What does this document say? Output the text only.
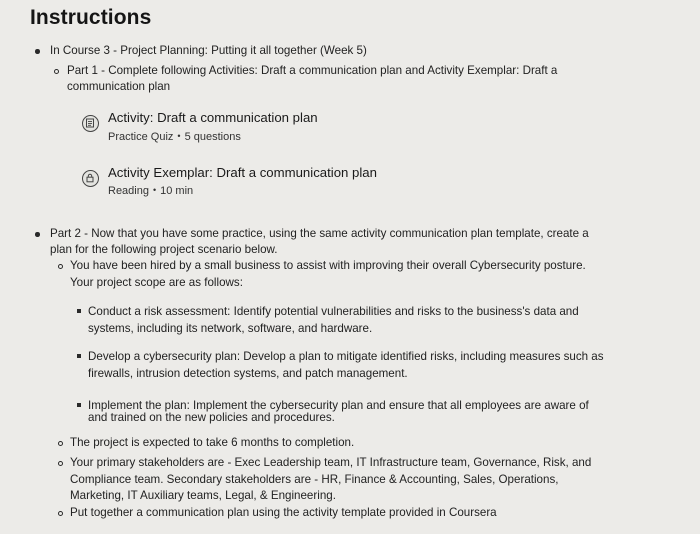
Instructions
In Course 3 - Project Planning: Putting it all together (Week 5)
Part 1 - Complete following Activities: Draft a communication plan and Activity Exemplar: Draft a
communication plan
Activity: Draft a communication plan
Practice Quiz • 5 questions
Activity Exemplar: Draft a communication plan
Reading • 10 min
Part 2 - Now that you have some practice, using the same activity communication plan template, create a
plan for the following project scenario below.
You have been hired by a small business to assist with improving their overall Cybersecurity posture.
Your project scope are as follows:
Conduct a risk assessment: Identify potential vulnerabilities and risks to the business's data and
systems, including its network, software, and hardware.
Develop a cybersecurity plan: Develop a plan to mitigate identified risks, including measures such as
firewalls, intrusion detection systems, and patch management.
Implement the plan: Implement the cybersecurity plan and ensure that all employees are aware of
and trained on the new policies and procedures.
The project is expected to take 6 months to completion.
Your primary stakeholders are - Exec Leadership team, IT Infrastructure team, Governance, Risk, and
Compliance team. Secondary stakeholders are - HR, Finance & Accounting, Sales, Operations,
Marketing, IT Auxiliary teams, Legal, & Engineering.
Put together a communication plan using the activity template provided in Coursera
